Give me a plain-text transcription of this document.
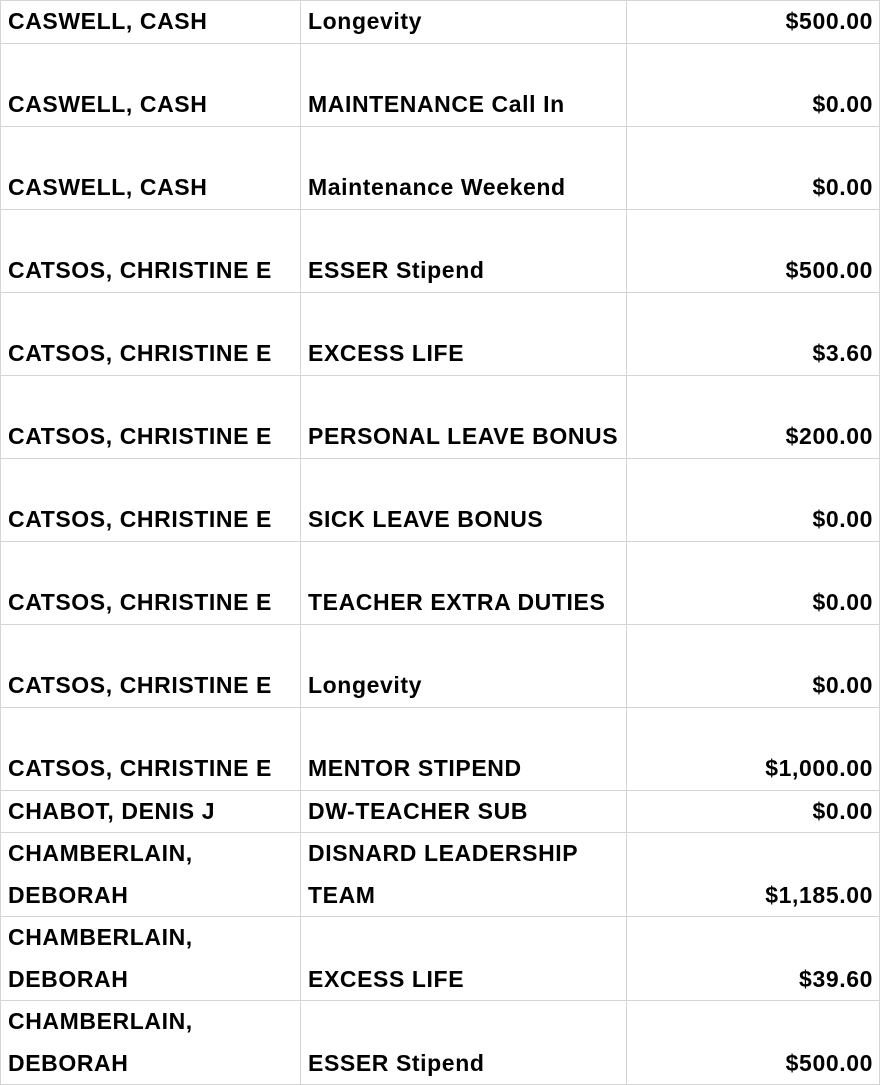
CASWELL, CASH	Longevity	$500.00

CASWELL, CASH	MAINTENANCE Call In	$0.00

CASWELL, CASH	Maintenance Weekend	$0.00

CATSOS, CHRISTINE E	ESSER Stipend	$500.00

CATSOS, CHRISTINE E	EXCESS LIFE	$3.60

CATSOS, CHRISTINE E	PERSONAL LEAVE BONUS	$200.00

CATSOS, CHRISTINE E	SICK LEAVE BONUS	$0.00

CATSOS, CHRISTINE E	TEACHER EXTRA DUTIES	$0.00

CATSOS, CHRISTINE E	Longevity	$0.00

CATSOS, CHRISTINE E	MENTOR STIPEND	$1,000.00

CHABOT, DENIS J	DW-TEACHER SUB	$0.00

CHAMBERLAIN, DEBORAH	DISNARD LEADERSHIP TEAM	$1,185.00

CHAMBERLAIN, DEBORAH	EXCESS LIFE	$39.60

CHAMBERLAIN, DEBORAH	ESSER Stipend	$500.00
